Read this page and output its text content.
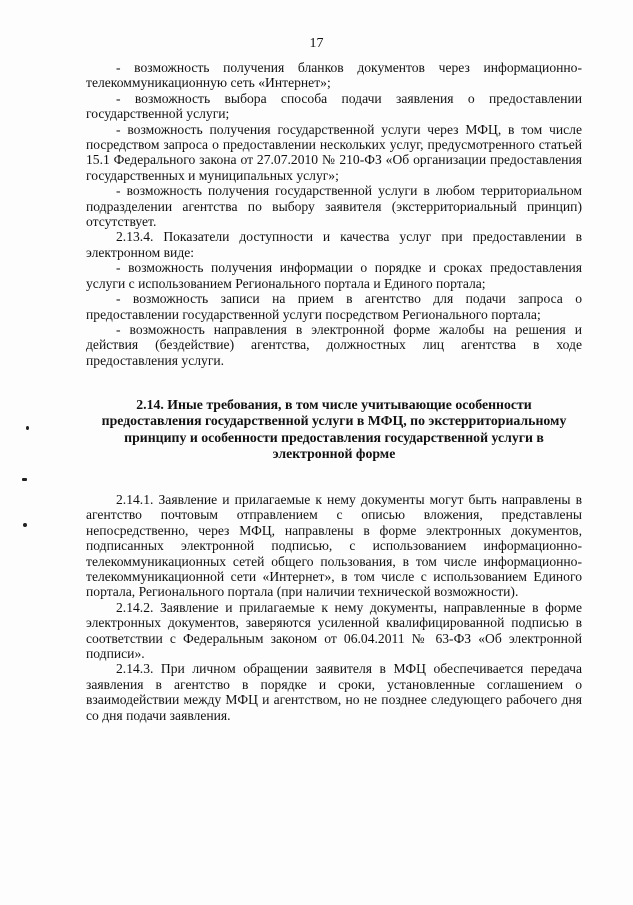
17

- возможность получения бланков документов через информационно-телекоммуникационную сеть «Интернет»;

- возможность выбора способа подачи заявления о предоставлении государственной услуги;

- возможность получения государственной услуги через МФЦ, в том числе посредством запроса о предоставлении нескольких услуг, предусмотренного статьей 15.1 Федерального закона от 27.07.2010 № 210-ФЗ «Об организации предоставления государственных и муниципальных услуг»;

- возможность получения государственной услуги в любом территориальном подразделении агентства по выбору заявителя (экстерриториальный принцип) отсутствует.

2.13.4. Показатели доступности и качества услуг при предоставлении в электронном виде:

- возможность получения информации о порядке и сроках предоставления услуги с использованием Регионального портала и Единого портала;

- возможность записи на прием в агентство для подачи запроса о предоставлении государственной услуги посредством Регионального портала;

- возможность направления в электронной форме жалобы на решения и действия (бездействие) агентства, должностных лиц агентства в ходе предоставления услуги.

2.14. Иные требования, в том числе учитывающие особенности предоставления государственной услуги в МФЦ, по экстерриториальному принципу и особенности предоставления государственной услуги в электронной форме

2.14.1. Заявление и прилагаемые к нему документы могут быть направлены в агентство почтовым отправлением с описью вложения, представлены непосредственно, через МФЦ, направлены в форме электронных документов, подписанных электронной подписью, с использованием информационно-телекоммуникационных сетей общего пользования, в том числе информационно-телекоммуникационной сети «Интернет», в том числе с использованием Единого портала, Регионального портала (при наличии технической возможности).

2.14.2. Заявление и прилагаемые к нему документы, направленные в форме электронных документов, заверяются усиленной квалифицированной подписью в соответствии с Федеральным законом от 06.04.2011 № 63-ФЗ «Об электронной подписи».

2.14.3. При личном обращении заявителя в МФЦ обеспечивается передача заявления в агентство в порядке и сроки, установленные соглашением о взаимодействии между МФЦ и агентством, но не позднее следующего рабочего дня со дня подачи заявления.
